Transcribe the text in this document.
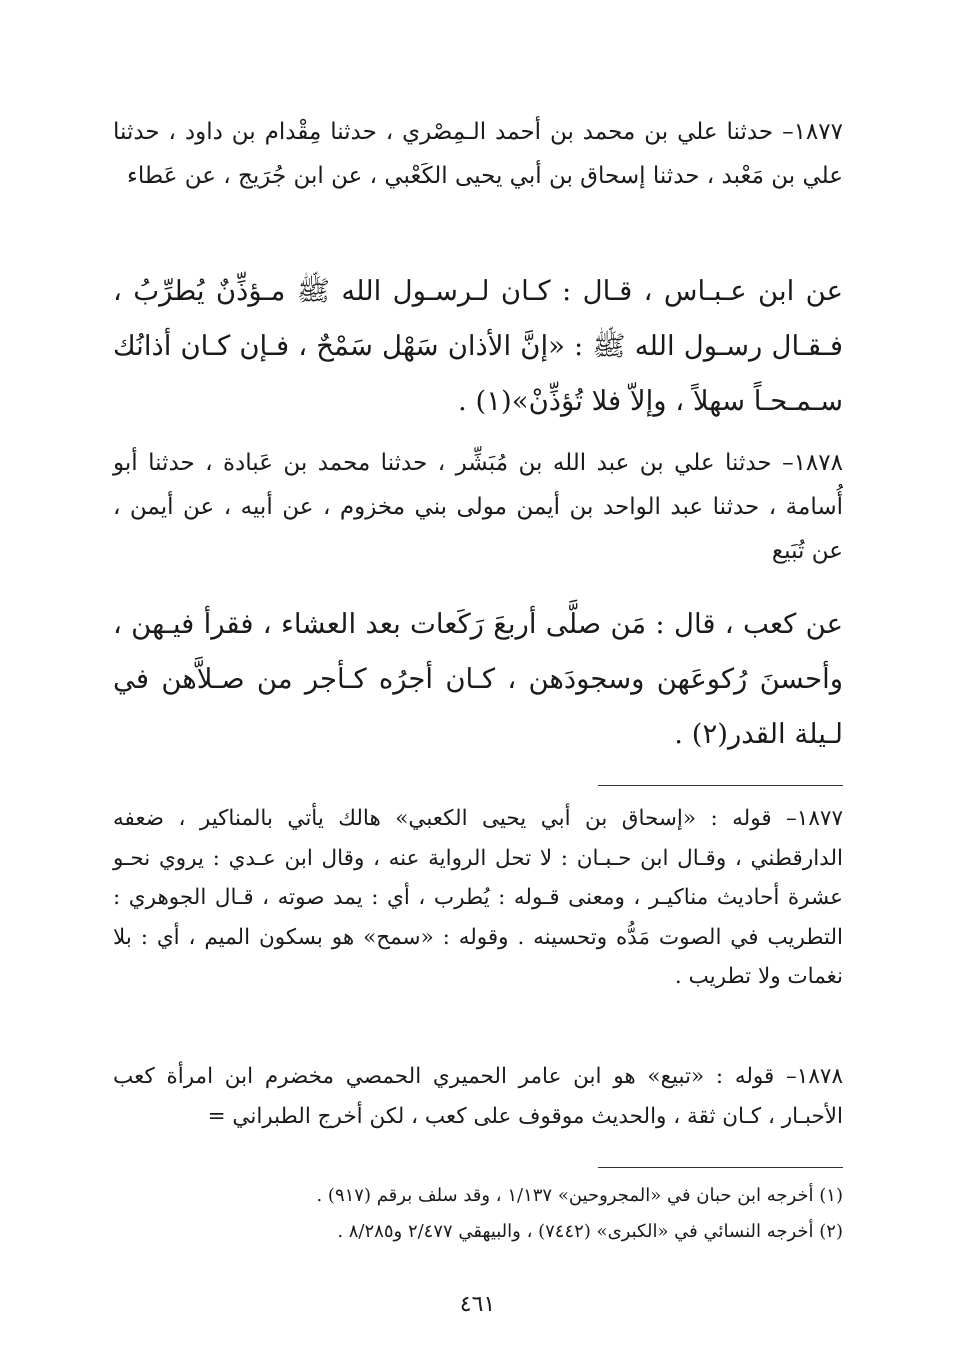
١٨٧٧– حدثنا علي بن محمد بن أحمد الـمِصْري ، حدثنا مِقْدام بن داود ، حدثنا علي بن مَعْبد ، حدثنا إسحاق بن أبي يحيى الكَعْبي ، عن ابن جُرَيج ، عن عَطاء

عن ابن عـبـاس ، قـال : كـان لـرسـول الله ﷺ مـؤذِّنٌ يُطرِّبُ ، فـقـال رسـول الله ﷺ : «إنَّ الأذان سَهْل سَمْحٌ ، فـإن كـان أذانُك سـمـحـاً سهلاً ، وإلاّ فلا تُؤذِّنْ»(١) .

١٨٧٨– حدثنا علي بن عبد الله بن مُبَشِّر ، حدثنا محمد بن عَبادة ، حدثنا أبو أُسامة ، حدثنا عبد الواحد بن أيمن مولى بني مخزوم ، عن أبيه ، عن أيمن ، عن تُبَيع

عن كعب ، قال : مَن صلَّى أربعَ رَكَعات بعد العشاء ، فقرأ فيـهن ، وأحسنَ رُكوعَهن وسجودَهن ، كـان أجرُه كـأجر من صـلاَّهن في لـيلة القدر(٢) .

١٨٧٧– قوله : «إسحاق بن أبي يحيى الكعبي» هالك يأتي بالمناكير ، ضعفه الدارقطني ، وقـال ابن حـبـان : لا تحل الرواية عنه ، وقال ابن عـدي : يروي نحـو عشرة أحاديث مناكيـر ، ومعنى قـوله : يُطرب ، أي : يمد صوته ، قـال الجوهري : التطريب في الصوت مَدُّه وتحسينه . وقوله : «سمح» هو بسكون الميم ، أي : بلا نغمات ولا تطريب .

١٨٧٨– قوله : «تبيع» هو ابن عامر الحميري الحمصي مخضرم ابن امرأة كعب الأحبـار ، كـان ثقة ، والحديث موقوف على كعب ، لكن أخرج الطبراني =

(١) أخرجه ابن حبان في «المجروحين» ١/١٣٧ ، وقد سلف برقم (٩١٧) .

(٢) أخرجه النسائي في «الكبرى» (٧٤٤٢) ، والبيهقي ٢/٤٧٧ و٨/٢٨٥ .

٤٦١
